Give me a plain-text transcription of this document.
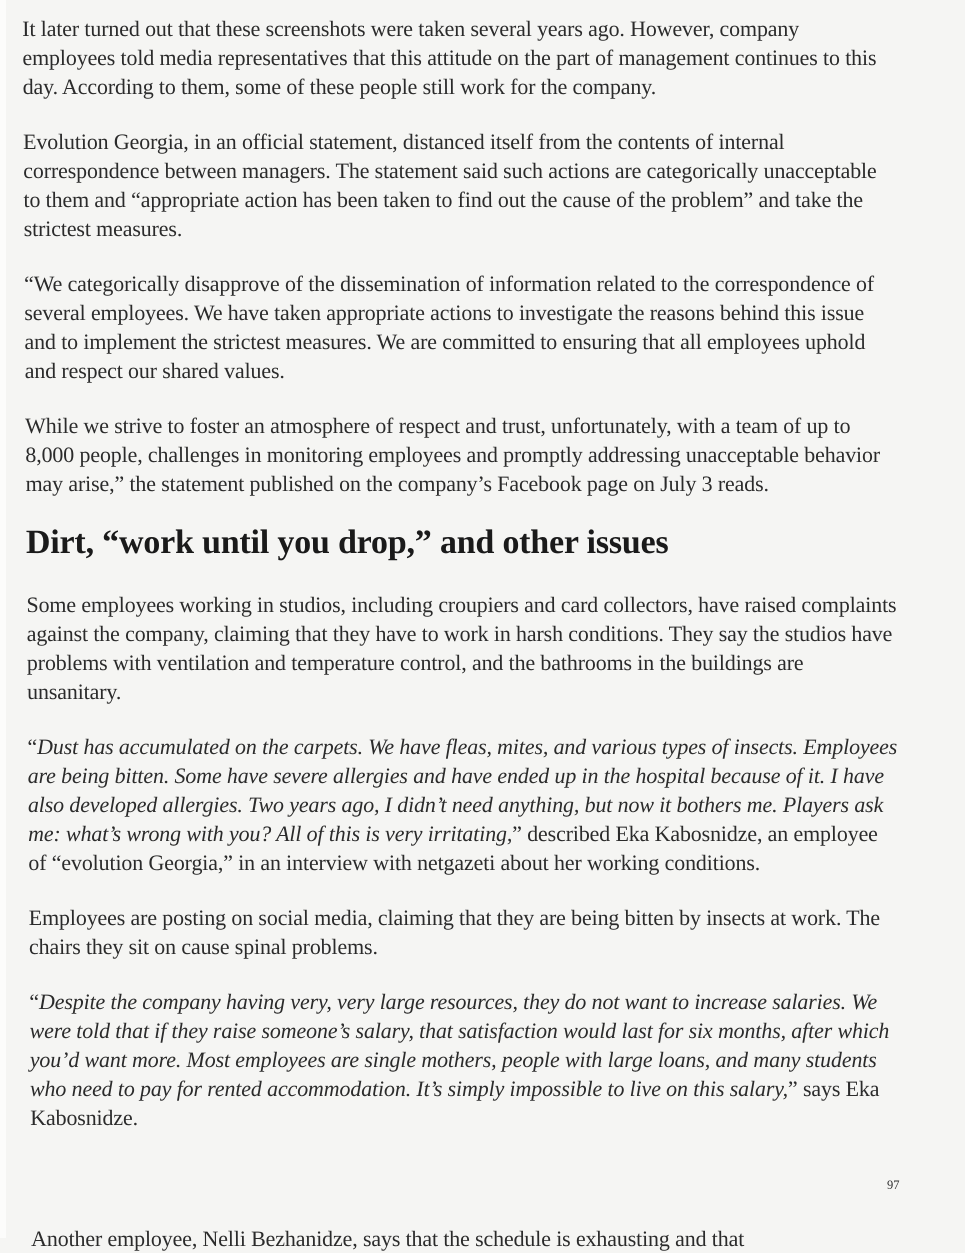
It later turned out that these screenshots were taken several years ago. However, company employees told media representatives that this attitude on the part of management continues to this day. According to them, some of these people still work for the company.

Evolution Georgia, in an official statement, distanced itself from the contents of internal correspondence between managers. The statement said such actions are categorically unacceptable to them and “appropriate action has been taken to find out the cause of the problem” and take the strictest measures.

“We categorically disapprove of the dissemination of information related to the correspondence of several employees. We have taken appropriate actions to investigate the reasons behind this issue and to implement the strictest measures. We are committed to ensuring that all employees uphold and respect our shared values.

While we strive to foster an atmosphere of respect and trust, unfortunately, with a team of up to 8,000 people, challenges in monitoring employees and promptly addressing unacceptable behavior may arise,” the statement published on the company’s Facebook page on July 3 reads.

Dirt, “work until you drop,” and other issues

Some employees working in studios, including croupiers and card collectors, have raised complaints against the company, claiming that they have to work in harsh conditions. They say the studios have problems with ventilation and temperature control, and the bathrooms in the buildings are unsanitary.

“Dust has accumulated on the carpets. We have fleas, mites, and various types of insects. Employees are being bitten. Some have severe allergies and have ended up in the hospital because of it. I have also developed allergies. Two years ago, I didn’t need anything, but now it bothers me. Players ask me: what’s wrong with you? All of this is very irritating,” described Eka Kabosnidze, an employee of “evolution Georgia,” in an interview with netgazeti about her working conditions.

Employees are posting on social media, claiming that they are being bitten by insects at work. The chairs they sit on cause spinal problems.

“Despite the company having very, very large resources, they do not want to increase salaries. We were told that if they raise someone’s salary, that satisfaction would last for six months, after which you’d want more. Most employees are single mothers, people with large loans, and many students who need to pay for rented accommodation. It’s simply impossible to live on this salary,” says Eka Kabosnidze.

Another employee, Nelli Bezhanidze, says that the schedule is exhausting and that

97
